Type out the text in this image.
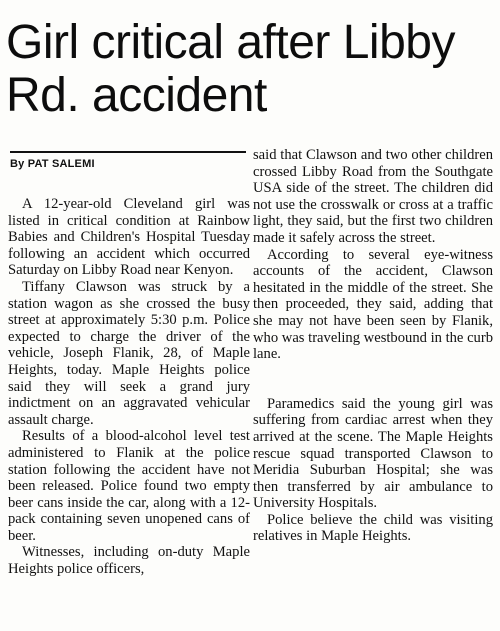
Girl critical after Libby Rd. accident
By PAT SALEMI

A 12-year-old Cleveland girl was listed in critical condition at Rainbow Babies and Children's Hospital Tuesday following an accident which occurred Saturday on Libby Road near Kenyon.

Tiffany Clawson was struck by a station wagon as she crossed the busy street at approximately 5:30 p.m. Police expected to charge the driver of the vehicle, Joseph Flanik, 28, of Maple Heights, today. Maple Heights police said they will seek a grand jury indictment on an aggravated vehicular assault charge.

Results of a blood-alcohol level test administered to Flanik at the police station following the accident have not been released. Police found two empty beer cans inside the car, along with a 12-pack containing seven unopened cans of beer.

Witnesses, including on-duty Maple Heights police officers,

said that Clawson and two other children crossed Libby Road from the Southgate USA side of the street. The children did not use the crosswalk or cross at a traffic light, they said, but the first two children made it safely across the street.

According to several eye-witness accounts of the accident, Clawson hesitated in the middle of the street. She then proceeded, they said, adding that she may not have been seen by Flanik, who was traveling westbound in the curb lane.

Paramedics said the young girl was suffering from cardiac arrest when they arrived at the scene. The Maple Heights rescue squad transported Clawson to Meridia Suburban Hospital; she was then transferred by air ambulance to University Hospitals.

Police believe the child was visiting relatives in Maple Heights.
